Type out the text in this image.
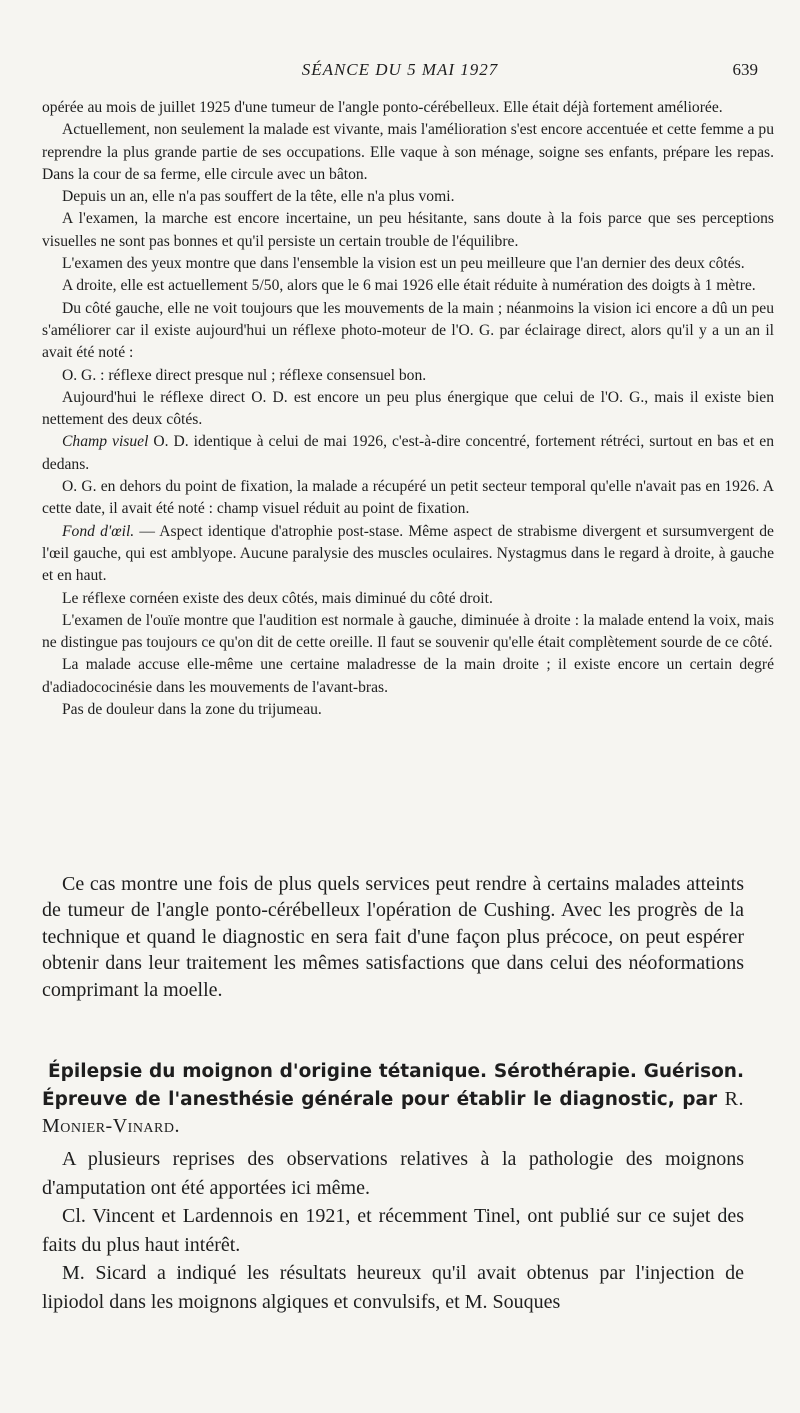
SÉANCE DU 5 MAI 1927	639

opérée au mois de juillet 1925 d'une tumeur de l'angle ponto-cérébelleux. Elle était déjà fortement améliorée.

Actuellement, non seulement la malade est vivante, mais l'amélioration s'est encore accentuée et cette femme a pu reprendre la plus grande partie de ses occupations. Elle vaque à son ménage, soigne ses enfants, prépare les repas. Dans la cour de sa ferme, elle circule avec un bâton.

Depuis un an, elle n'a pas souffert de la tête, elle n'a plus vomi.

A l'examen, la marche est encore incertaine, un peu hésitante, sans doute à la fois parce que ses perceptions visuelles ne sont pas bonnes et qu'il persiste un certain trouble de l'équilibre.

L'examen des yeux montre que dans l'ensemble la vision est un peu meilleure que l'an dernier des deux côtés.

A droite, elle est actuellement 5/50, alors que le 6 mai 1926 elle était réduite à numération des doigts à 1 mètre.

Du côté gauche, elle ne voit toujours que les mouvements de la main ; néanmoins la vision ici encore a dû un peu s'améliorer car il existe aujourd'hui un réflexe photo-moteur de l'O. G. par éclairage direct, alors qu'il y a un an il avait été noté :

O. G. : réflexe direct presque nul ; réflexe consensuel bon.

Aujourd'hui le réflexe direct O. D. est encore un peu plus énergique que celui de l'O. G., mais il existe bien nettement des deux côtés.

Champ visuel O. D. identique à celui de mai 1926, c'est-à-dire concentré, fortement rétréci, surtout en bas et en dedans.

O. G. en dehors du point de fixation, la malade a récupéré un petit secteur temporal qu'elle n'avait pas en 1926. A cette date, il avait été noté : champ visuel réduit au point de fixation.

Fond d'œil. — Aspect identique d'atrophie post-stase. Même aspect de strabisme divergent et sursumvergent de l'œil gauche, qui est amblyope. Aucune paralysie des muscles oculaires. Nystagmus dans le regard à droite, à gauche et en haut.

Le réflexe cornéen existe des deux côtés, mais diminué du côté droit.

L'examen de l'ouïe montre que l'audition est normale à gauche, diminuée à droite : la malade entend la voix, mais ne distingue pas toujours ce qu'on dit de cette oreille. Il faut se souvenir qu'elle était complètement sourde de ce côté.

La malade accuse elle-même une certaine maladresse de la main droite ; il existe encore un certain degré d'adiadococinésie dans les mouvements de l'avant-bras.

Pas de douleur dans la zone du trijumeau.

Ce cas montre une fois de plus quels services peut rendre à certains malades atteints de tumeur de l'angle ponto-cérébelleux l'opération de Cushing. Avec les progrès de la technique et quand le diagnostic en sera fait d'une façon plus précoce, on peut espérer obtenir dans leur traitement les mêmes satisfactions que dans celui des néoformations comprimant la moelle.

Épilepsie du moignon d'origine tétanique. Sérothérapie. Guérison. Épreuve de l'anesthésie générale pour établir le diagnostic, par R. Monier-Vinard.

A plusieurs reprises des observations relatives à la pathologie des moignons d'amputation ont été apportées ici même.

Cl. Vincent et Lardennois en 1921, et récemment Tinel, ont publié sur ce sujet des faits du plus haut intérêt.

M. Sicard a indiqué les résultats heureux qu'il avait obtenus par l'injection de lipiodol dans les moignons algiques et convulsifs, et M. Souques
